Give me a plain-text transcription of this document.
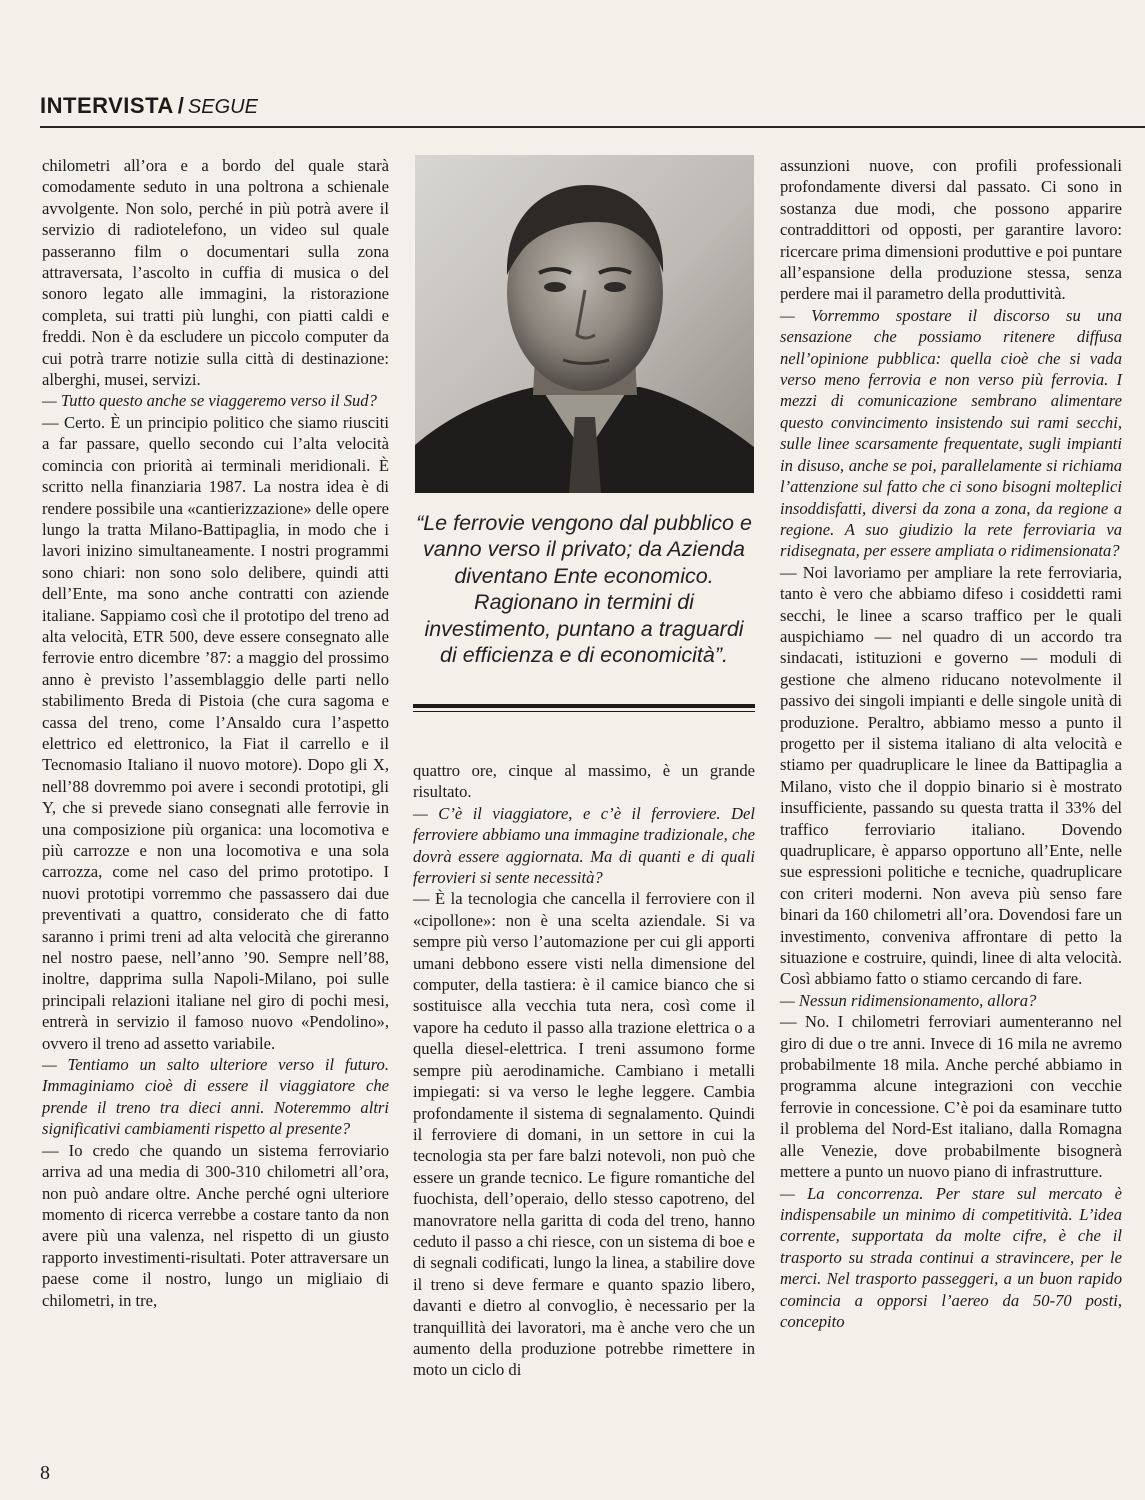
INTERVISTA / SEGUE

chilometri all’ora e a bordo del quale starà comodamente seduto in una poltrona a schienale avvolgente. Non solo, perché in più potrà avere il servizio di radiotelefono, un video sul quale passeranno film o documentari sulla zona attraversata, l’ascolto in cuffia di musica o del sonoro legato alle immagini, la ristorazione completa, sui tratti più lunghi, con piatti caldi e freddi. Non è da escludere un piccolo computer da cui potrà trarre notizie sulla città di destinazione: alberghi, musei, servizi.

— Tutto questo anche se viaggeremo verso il Sud?

— Certo. È un principio politico che siamo riusciti a far passare, quello secondo cui l’alta velocità comincia con priorità ai terminali meridionali. È scritto nella finanziaria 1987. La nostra idea è di rendere possibile una «cantierizzazione» delle opere lungo la tratta Milano-Battipaglia, in modo che i lavori inizino simultaneamente. I nostri programmi sono chiari: non sono solo delibere, quindi atti dell’Ente, ma sono anche contratti con aziende italiane. Sappiamo così che il prototipo del treno ad alta velocità, ETR 500, deve essere consegnato alle ferrovie entro dicembre ’87: a maggio del prossimo anno è previsto l’assemblaggio delle parti nello stabilimento Breda di Pistoia (che cura sagoma e cassa del treno, come l’Ansaldo cura l’aspetto elettrico ed elettronico, la Fiat il carrello e il Tecnomasio Italiano il nuovo motore). Dopo gli X, nell’88 dovremmo poi avere i secondi prototipi, gli Y, che si prevede siano consegnati alle ferrovie in una composizione più organica: una locomotiva e più carrozze e non una locomotiva e una sola carrozza, come nel caso del primo prototipo. I nuovi prototipi vorremmo che passassero dai due preventivati a quattro, considerato che di fatto saranno i primi treni ad alta velocità che gireranno nel nostro paese, nell’anno ’90. Sempre nell’88, inoltre, dapprima sulla Napoli-Milano, poi sulle principali relazioni italiane nel giro di pochi mesi, entrerà in servizio il famoso nuovo «Pendolino», ovvero il treno ad assetto variabile.

— Tentiamo un salto ulteriore verso il futuro. Immaginiamo cioè di essere il viaggiatore che prende il treno tra dieci anni. Noteremmo altri significativi cambiamenti rispetto al presente?

— Io credo che quando un sistema ferroviario arriva ad una media di 300-310 chilometri all’ora, non può andare oltre. Anche perché ogni ulteriore momento di ricerca verrebbe a costare tanto da non avere più una valenza, nel rispetto di un giusto rapporto investimenti-risultati. Poter attraversare un paese come il nostro, lungo un migliaio di chilometri, in tre,

“Le ferrovie vengono dal pubblico e vanno verso il privato; da Azienda diventano Ente economico. Ragionano in termini di investimento, puntano a traguardi di efficienza e di economicità”.

quattro ore, cinque al massimo, è un grande risultato.

— C’è il viaggiatore, e c’è il ferroviere. Del ferroviere abbiamo una immagine tradizionale, che dovrà essere aggiornata. Ma di quanti e di quali ferrovieri si sente necessità?

— È la tecnologia che cancella il ferroviere con il «cipollone»: non è una scelta aziendale. Si va sempre più verso l’automazione per cui gli apporti umani debbono essere visti nella dimensione del computer, della tastiera: è il camice bianco che si sostituisce alla vecchia tuta nera, così come il vapore ha ceduto il passo alla trazione elettrica o a quella diesel-elettrica. I treni assumono forme sempre più aerodinamiche. Cambiano i metalli impiegati: si va verso le leghe leggere. Cambia profondamente il sistema di segnalamento. Quindi il ferroviere di domani, in un settore in cui la tecnologia sta per fare balzi notevoli, non può che essere un grande tecnico. Le figure romantiche del fuochista, dell’operaio, dello stesso capotreno, del manovratore nella garitta di coda del treno, hanno ceduto il passo a chi riesce, con un sistema di boe e di segnali codificati, lungo la linea, a stabilire dove il treno si deve fermare e quanto spazio libero, davanti e dietro al convoglio, è necessario per la tranquillità dei lavoratori, ma è anche vero che un aumento della produzione potrebbe rimettere in moto un ciclo di

assunzioni nuove, con profili professionali profondamente diversi dal passato. Ci sono in sostanza due modi, che possono apparire contraddittori od opposti, per garantire lavoro: ricercare prima dimensioni produttive e poi puntare all’espansione della produzione stessa, senza perdere mai il parametro della produttività.

— Vorremmo spostare il discorso su una sensazione che possiamo ritenere diffusa nell’opinione pubblica: quella cioè che si vada verso meno ferrovia e non verso più ferrovia. I mezzi di comunicazione sembrano alimentare questo convincimento insistendo sui rami secchi, sulle linee scarsamente frequentate, sugli impianti in disuso, anche se poi, parallelamente si richiama l’attenzione sul fatto che ci sono bisogni molteplici insoddisfatti, diversi da zona a zona, da regione a regione. A suo giudizio la rete ferroviaria va ridisegnata, per essere ampliata o ridimensionata?

— Noi lavoriamo per ampliare la rete ferroviaria, tanto è vero che abbiamo difeso i cosiddetti rami secchi, le linee a scarso traffico per le quali auspichiamo — nel quadro di un accordo tra sindacati, istituzioni e governo — moduli di gestione che almeno riducano notevolmente il passivo dei singoli impianti e delle singole unità di produzione. Peraltro, abbiamo messo a punto il progetto per il sistema italiano di alta velocità e stiamo per quadruplicare le linee da Battipaglia a Milano, visto che il doppio binario si è mostrato insufficiente, passando su questa tratta il 33% del traffico ferroviario italiano. Dovendo quadruplicare, è apparso opportuno all’Ente, nelle sue espressioni politiche e tecniche, quadruplicare con criteri moderni. Non aveva più senso fare binari da 160 chilometri all’ora. Dovendosi fare un investimento, conveniva affrontare di petto la situazione e costruire, quindi, linee di alta velocità. Così abbiamo fatto o stiamo cercando di fare.

— Nessun ridimensionamento, allora?

— No. I chilometri ferroviari aumenteranno nel giro di due o tre anni. Invece di 16 mila ne avremo probabilmente 18 mila. Anche perché abbiamo in programma alcune integrazioni con vecchie ferrovie in concessione. C’è poi da esaminare tutto il problema del Nord-Est italiano, dalla Romagna alle Venezie, dove probabilmente bisognerà mettere a punto un nuovo piano di infrastrutture.

— La concorrenza. Per stare sul mercato è indispensabile un minimo di competitività. L’idea corrente, supportata da molte cifre, è che il trasporto su strada continui a stravincere, per le merci. Nel trasporto passeggeri, a un buon rapido comincia a opporsi l’aereo da 50-70 posti, concepito

8
